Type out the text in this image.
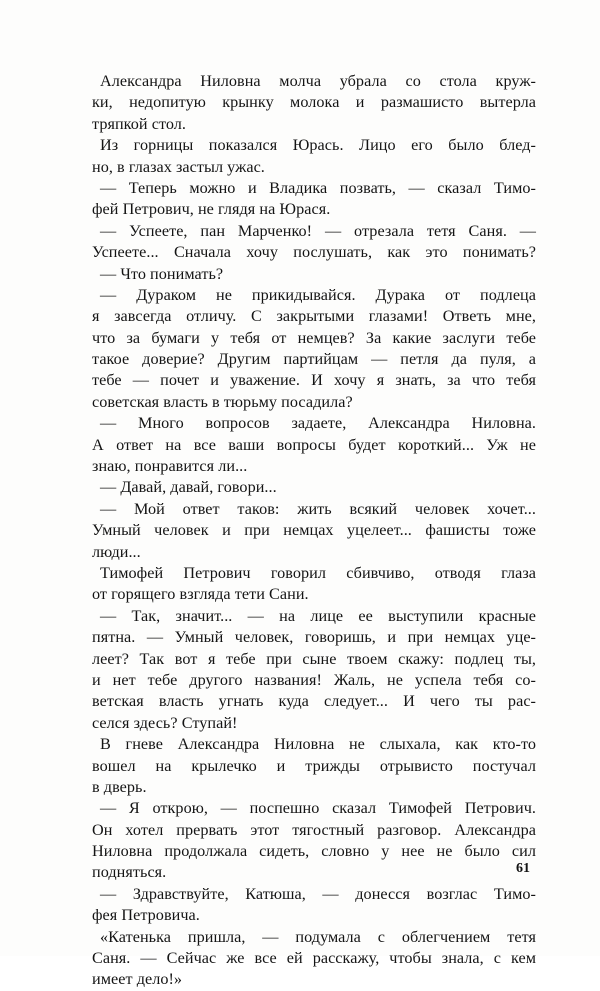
Александра Ниловна молча убрала со стола круж-
ки, недопитую крынку молока и размашисто вытерла
тряпкой стол.
Из горницы показался Юрась. Лицо его было блед-
но, в глазах застыл ужас.
— Теперь можно и Владика позвать, — сказал Тимо-
фей Петрович, не глядя на Юрася.
— Успеете, пан Марченко! — отрезала тетя Саня. —
Успеете... Сначала хочу послушать, как это понимать?
— Что понимать?
— Дураком не прикидывайся. Дурака от подлеца
я завсегда отличу. С закрытыми глазами! Ответь мне,
что за бумаги у тебя от немцев? За какие заслуги тебе
такое доверие? Другим партийцам — петля да пуля, а
тебе — почет и уважение. И хочу я знать, за что тебя
советская власть в тюрьму посадила?
— Много вопросов задаете, Александра Ниловна.
А ответ на все ваши вопросы будет короткий... Уж не
знаю, понравится ли...
— Давай, давай, говори...
— Мой ответ таков: жить всякий человек хочет...
Умный человек и при немцах уцелеет... фашисты тоже
люди...
Тимофей Петрович говорил сбивчиво, отводя глаза
от горящего взгляда тети Сани.
— Так, значит... — на лице ее выступили красные
пятна. — Умный человек, говоришь, и при немцах уце-
леет? Так вот я тебе при сыне твоем скажу: подлец ты,
и нет тебе другого названия! Жаль, не успела тебя со-
ветская власть угнать куда следует... И чего ты рас-
селся здесь? Ступай!
В гневе Александра Ниловна не слыхала, как кто-то
вошел на крылечко и трижды отрывисто постучал
в дверь.
— Я открою, — поспешно сказал Тимофей Петрович.
Он хотел прервать этот тягостный разговор. Александра
Ниловна продолжала сидеть, словно у нее не было сил
подняться.
— Здравствуйте, Катюша, — донесся возглас Тимо-
фея Петровича.
«Катенька пришла, — подумала с облегчением тетя
Саня. — Сейчас же все ей расскажу, чтобы знала, с кем
имеет дело!»
61
